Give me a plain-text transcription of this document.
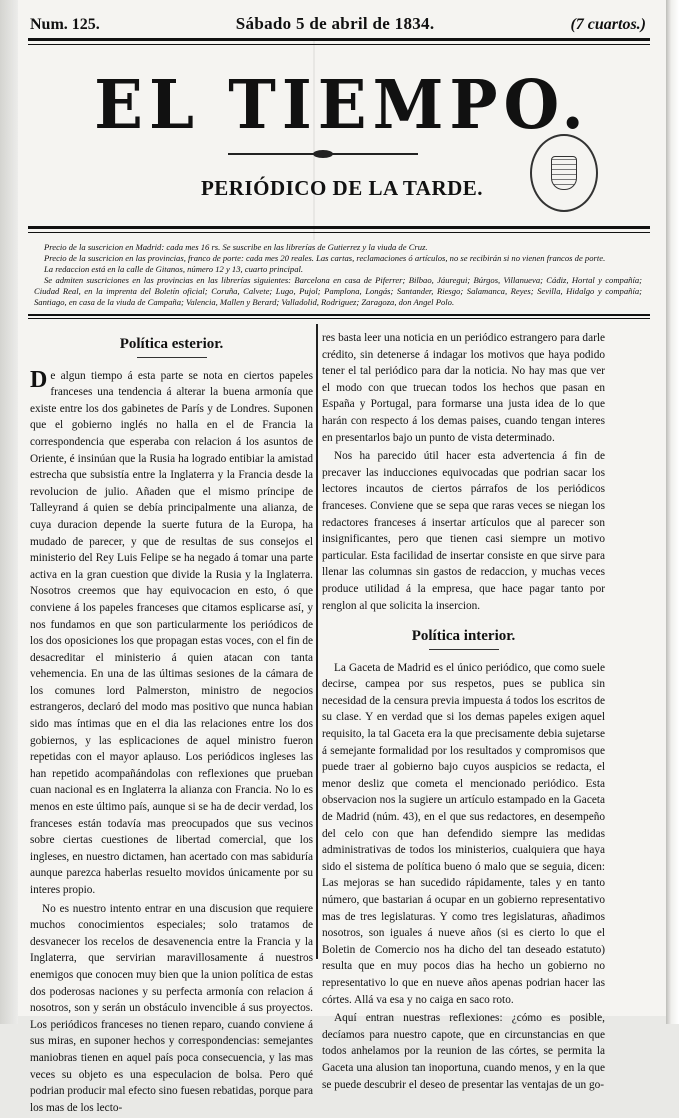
Num. 125.	Sábado 5 de abril de 1834.	(7 cuartos.)
EL TIEMPO.
PERIÓDICO DE LA TARDE.

Precio de la suscricion en Madrid: cada mes 16 rs. Se suscribe en las librerías de Gutierrez y la viuda de Cruz.

Precio de la suscricion en las provincias, franco de porte: cada mes 20 reales. Las cartas, reclamaciones ó artículos, no se recibirán si no vienen francos de porte.

La redaccion está en la calle de Gitanos, número 12 y 13, cuarto principal.

Se admiten suscriciones en las provincias en las librerías siguientes: Barcelona en casa de Piferrer; Bilbao, Jáuregui; Búrgos, Villanueva; Cádiz, Hortal y compañía; Ciudad Real, en la imprenta del Boletín oficial; Coruña, Calvete; Lugo, Pujol; Pamplona, Longás; Santander, Riesgo; Salamanca, Reyes; Sevilla, Hidalgo y compañía; Santiago, en casa de la viuda de Campaña; Valencia, Mallen y Berard; Valladolid, Rodriguez; Zaragoza, don Angel Polo.

Política esterior.

De algun tiempo á esta parte se nota en ciertos papeles franceses una tendencia á alterar la buena armonía que existe entre los dos gabinetes de París y de Londres. Suponen que el gobierno inglés no halla en el de Francia la correspondencia que esperaba con relacion á los asuntos de Oriente, é insinúan que la Rusia ha logrado entibiar la amistad estrecha que subsistía entre la Inglaterra y la Francia desde la revolucion de julio. Añaden que el mismo príncipe de Talleyrand á quien se debía principalmente una alianza, de cuya duracion depende la suerte futura de la Europa, ha mudado de parecer, y que de resultas de sus consejos el ministerio del Rey Luis Felipe se ha negado á tomar una parte activa en la gran cuestion que divide la Rusia y la Inglaterra. Nosotros creemos que hay equivocacion en esto, ó que conviene á los papeles franceses que citamos esplicarse así, y nos fundamos en que son particularmente los periódicos de los dos oposiciones los que propagan estas voces, con el fin de desacreditar el ministerio á quien atacan con tanta vehemencia. En una de las últimas sesiones de la cámara de los comunes lord Palmerston, ministro de negocios estrangeros, declaró del modo mas positivo que nunca habian sido mas íntimas que en el dia las relaciones entre los dos gobiernos, y las esplicaciones de aquel ministro fueron repetidas con el mayor aplauso. Los periódicos ingleses las han repetido acompañándolas con reflexiones que prueban cuan nacional es en Inglaterra la alianza con Francia. No lo es menos en este último país, aunque si se ha de decir verdad, los franceses están todavía mas preocupados que sus vecinos sobre ciertas cuestiones de libertad comercial, que los ingleses, en nuestro dictamen, han acertado con mas sabiduría aunque parezca haberlas resuelto movidos únicamente por su interes propio.

No es nuestro intento entrar en una discusion que requiere muchos conocimientos especiales; solo tratamos de desvanecer los recelos de desavenencia entre la Francia y la Inglaterra, que servirian maravillosamente á nuestros enemigos que conocen muy bien que la union política de estas dos poderosas naciones y su perfecta armonía con relacion á nosotros, son y serán un obstáculo invencible á sus proyectos. Los periódicos franceses no tienen reparo, cuando conviene á sus miras, en suponer hechos y correspondencias: semejantes maniobras tienen en aquel país poca consecuencia, y las mas veces su objeto es una especulacion de bolsa. Pero qué podrian producir mal efecto sino fuesen rebatidas, porque para los mas de los lecto-

res basta leer una noticia en un periódico estrangero para darle crédito, sin detenerse á indagar los motivos que haya podido tener el tal periódico para dar la noticia. No hay mas que ver el modo con que truecan todos los hechos que pasan en España y Portugal, para formarse una justa idea de lo que harán con respecto á los demas paises, cuando tengan interes en presentarlos bajo un punto de vista determinado.

Nos ha parecido útil hacer esta advertencia á fin de precaver las inducciones equivocadas que podrian sacar los lectores incautos de ciertos párrafos de los periódicos franceses. Conviene que se sepa que raras veces se niegan los redactores franceses á insertar artículos que al parecer son insignificantes, pero que tienen casi siempre un motivo particular. Esta facilidad de insertar consiste en que sirve para llenar las columnas sin gastos de redaccion, y muchas veces produce utilidad á la empresa, que hace pagar tanto por renglon al que solicita la insercion.

Política interior.

La Gaceta de Madrid es el único periódico, que como suele decirse, campea por sus respetos, pues se publica sin necesidad de la censura previa impuesta á todos los escritos de su clase. Y en verdad que si los demas papeles exigen aquel requisito, la tal Gaceta era la que precisamente debia sujetarse á semejante formalidad por los resultados y compromisos que puede traer al gobierno bajo cuyos auspicios se redacta, el menor desliz que cometa el mencionado periódico. Esta observacion nos la sugiere un artículo estampado en la Gaceta de Madrid (núm. 43), en el que sus redactores, en desempeño del celo con que han defendido siempre las medidas administrativas de todos los ministerios, cualquiera que haya sido el sistema de política bueno ó malo que se seguia, dicen: Las mejoras se han sucedido rápidamente, tales y en tanto número, que bastarian á ocupar en un gobierno representativo mas de tres legislaturas. Y como tres legislaturas, añadimos nosotros, son iguales á nueve años (si es cierto lo que el Boletin de Comercio nos ha dicho del tan deseado estatuto) resulta que en muy pocos dias ha hecho un gobierno no representativo lo que en nueve años apenas podrian hacer las córtes. Allá va esa y no caiga en saco roto.

Aquí entran nuestras reflexiones: ¿cómo es posible, decíamos para nuestro capote, que en circunstancias en que todos anhelamos por la reunion de las córtes, se permita la Gaceta una alusion tan inoportuna, cuando menos, y en la que se puede descubrir el deseo de presentar las ventajas de un go-
